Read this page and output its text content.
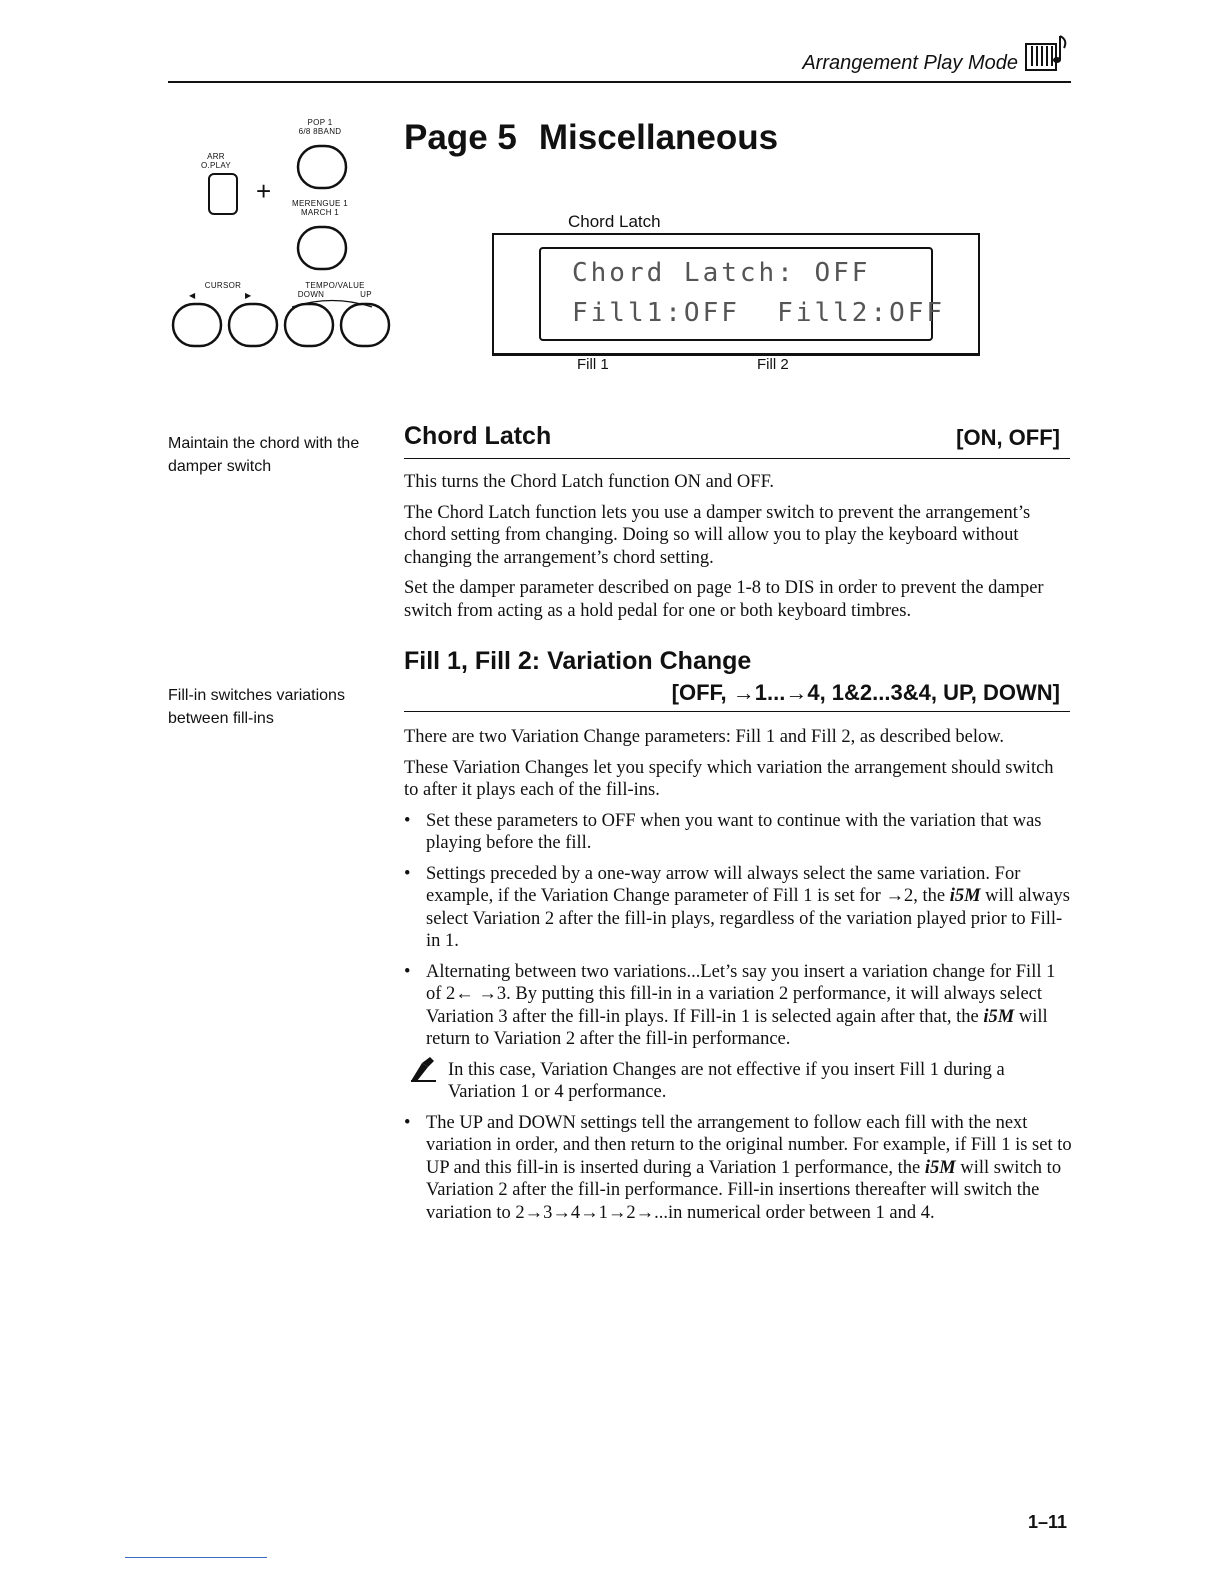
Arrangement Play Mode
ARR
O.PLAY
+
POP 1
6/8 8BAND
MERENGUE 1
MARCH 1
CURSOR
◀	▶
TEMPO/VALUE
DOWN	UP
Page 5 Miscellaneous
Chord Latch
Chord Latch: OFF
Fill1:OFF  Fill2:OFF
Fill 1	Fill 2
Maintain the chord with the damper switch
Fill-in switches variations between fill-ins
Chord Latch	[ON, OFF]

This turns the Chord Latch function ON and OFF.

The Chord Latch function lets you use a damper switch to prevent the arrangement’s chord setting from changing. Doing so will allow you to play the keyboard without changing the arrangement’s chord setting.

Set the damper parameter described on page 1-8 to DIS in order to prevent the damper switch from acting as a hold pedal for one or both keyboard timbres.

Fill 1, Fill 2: Variation Change
[OFF, →1...→4, 1&2...3&4, UP, DOWN]

There are two Variation Change parameters: Fill 1 and Fill 2, as described below.

These Variation Changes let you specify which variation the arrangement should switch to after it plays each of the fill-ins.

• Set these parameters to OFF when you want to continue with the variation that was playing before the fill.
• Settings preceded by a one-way arrow will always select the same variation. For example, if the Variation Change parameter of Fill 1 is set for →2, the i5M will always select Variation 2 after the fill-in plays, regardless of the variation played prior to Fill-in 1.
• Alternating between two variations...Let’s say you insert a variation change for Fill 1 of 2← →3. By putting this fill-in in a variation 2 performance, it will always select Variation 3 after the fill-in plays. If Fill-in 1 is selected again after that, the i5M will return to Variation 2 after the fill-in performance.
In this case, Variation Changes are not effective if you insert Fill 1 during a Variation 1 or 4 performance.
• The UP and DOWN settings tell the arrangement to follow each fill with the next variation in order, and then return to the original number. For example, if Fill 1 is set to UP and this fill-in is inserted during a Variation 1 performance, the i5M will switch to Variation 2 after the fill-in performance. Fill-in insertions thereafter will switch the variation to 2→3→4→1→2→...in numerical order between 1 and 4.
1–11
